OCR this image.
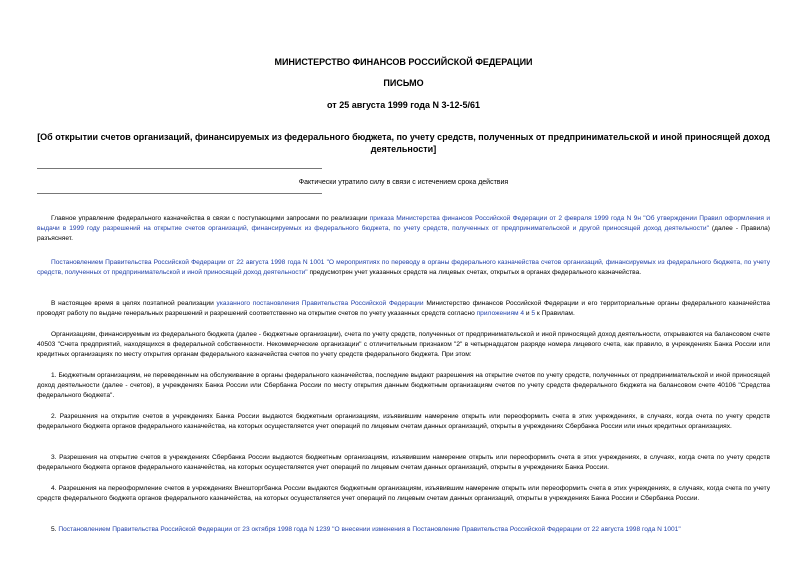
МИНИСТЕРСТВО ФИНАНСОВ РОССИЙСКОЙ ФЕДЕРАЦИИ
ПИСЬМО
от 25 августа 1999 года N 3-12-5/61
[Об открытии счетов организаций, финансируемых из федерального бюджета, по учету средств, полученных от предпринимательской и иной приносящей доход деятельности]
Фактически утратило силу в связи с истечением срока действия

Главное управление федерального казначейства в связи с поступающими запросами по реализации приказа Министерства финансов Российской Федерации от 2 февраля 1999 года N 9н "Об утверждении Правил оформления и выдачи в 1999 году разрешений на открытие счетов организаций, финансируемых из федерального бюджета, по учету средств, полученных от предпринимательской и другой приносящей доход деятельности" (далее - Правила) разъясняет.

Постановлением Правительства Российской Федерации от 22 августа 1998 года N 1001 "О мероприятиях по переводу в органы федерального казначейства счетов организаций, финансируемых из федерального бюджета, по учету средств, полученных от предпринимательской и иной приносящей доход деятельности" предусмотрен учет указанных средств на лицевых счетах, открытых в органах федерального казначейства.

В настоящее время в целях поэтапной реализации указанного постановления Правительства Российской Федерации Министерство финансов Российской Федерации и его территориальные органы федерального казначейства проводят работу по выдаче генеральных разрешений и разрешений соответственно на открытие счетов по учету указанных средств согласно приложениям 4 и 5 к Правилам.

Организациям, финансируемым из федерального бюджета (далее - бюджетные организации), счета по учету средств, полученных от предпринимательской и иной приносящей доход деятельности, открываются на балансовом счете 40503 "Счета предприятий, находящихся в федеральной собственности. Некоммерческие организации" с отличительным признаком "2" в четырнадцатом разряде номера лицевого счета, как правило, в учреждениях Банка России или кредитных организациях по месту открытия органам федерального казначейства счетов по учету средств федерального бюджета. При этом:

1. Бюджетным организациям, не переведенным на обслуживание в органы федерального казначейства, последние выдают разрешения на открытие счетов по учету средств, полученных от предпринимательской и иной приносящей доход деятельности (далее - счетов), в учреждениях Банка России или Сбербанка России по месту открытия данным бюджетным организациям счетов по учету средств федерального бюджета на балансовом счете 40106 "Средства федерального бюджета".

2. Разрешения на открытие счетов в учреждениях Банка России выдаются бюджетным организациям, изъявившим намерение открыть или переоформить счета в этих учреждениях, в случаях, когда счета по учету средств федерального бюджета органов федерального казначейства, на которых осуществляется учет операций по лицевым счетам данных организаций, открыты в учреждениях Сбербанка России или иных кредитных организациях.

3. Разрешения на открытие счетов в учреждениях Сбербанка России выдаются бюджетным организациям, изъявившим намерение открыть или переоформить счета в этих учреждениях, в случаях, когда счета по учету средств федерального бюджета органов федерального казначейства, на которых осуществляется учет операций по лицевым счетам данных организаций, открыты в учреждениях Банка России.

4. Разрешения на переоформление счетов в учреждениях Внешторгбанка России выдаются бюджетным организациям, изъявившим намерение открыть или переоформить счета в этих учреждениях, в случаях, когда счета по учету средств федерального бюджета органов федерального казначейства, на которых осуществляется учет операций по лицевым счетам данных организаций, открыты в учреждениях Банка России и Сбербанка России.

5. Постановлением Правительства Российской Федерации от 23 октября 1998 года N 1239 "О внесении изменения в Постановление Правительства Российской Федерации от 22 августа 1998 года N 1001"
